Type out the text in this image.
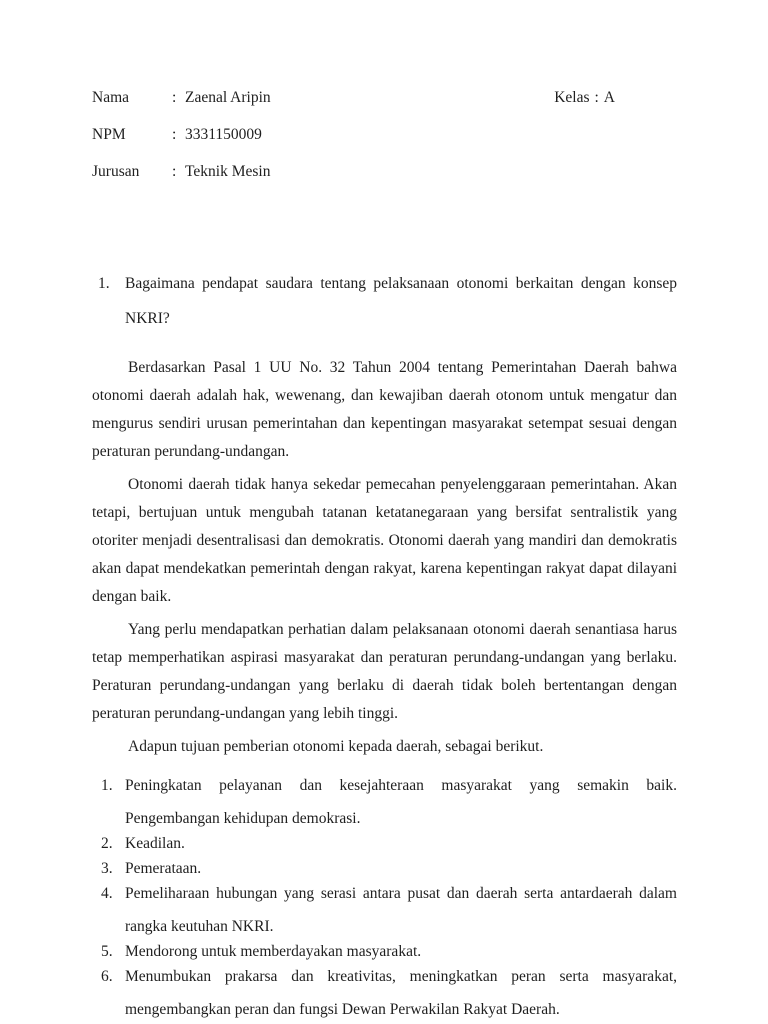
Nama	: Zaenal Aripin	Kelas : A
NPM	: 3331150009
Jurusan	: Teknik Mesin
1. Bagaimana pendapat saudara tentang pelaksanaan otonomi berkaitan dengan konsep NKRI?

Berdasarkan Pasal 1 UU No. 32 Tahun 2004 tentang Pemerintahan Daerah bahwa otonomi daerah adalah hak, wewenang, dan kewajiban daerah otonom untuk mengatur dan mengurus sendiri urusan pemerintahan dan kepentingan masyarakat setempat sesuai dengan peraturan perundang-undangan.

Otonomi daerah tidak hanya sekedar pemecahan penyelenggaraan pemerintahan. Akan tetapi, bertujuan untuk mengubah tatanan ketatanegaraan yang bersifat sentralistik yang otoriter menjadi desentralisasi dan demokratis. Otonomi daerah yang mandiri dan demokratis akan dapat mendekatkan pemerintah dengan rakyat, karena kepentingan rakyat dapat dilayani dengan baik.

Yang perlu mendapatkan perhatian dalam pelaksanaan otonomi daerah senantiasa harus tetap memperhatikan aspirasi masyarakat dan peraturan perundang-undangan yang berlaku. Peraturan perundang-undangan yang berlaku di daerah tidak boleh bertentangan dengan peraturan perundang-undangan yang lebih tinggi.

Adapun tujuan pemberian otonomi kepada daerah, sebagai berikut.

1. Peningkatan pelayanan dan kesejahteraan masyarakat yang semakin baik. Pengembangan kehidupan demokrasi.
2. Keadilan.
3. Pemerataan.
4. Pemeliharaan hubungan yang serasi antara pusat dan daerah serta antardaerah dalam rangka keutuhan NKRI.
5. Mendorong untuk memberdayakan masyarakat.
6. Menumbukan prakarsa dan kreativitas, meningkatkan peran serta masyarakat, mengembangkan peran dan fungsi Dewan Perwakilan Rakyat Daerah.
